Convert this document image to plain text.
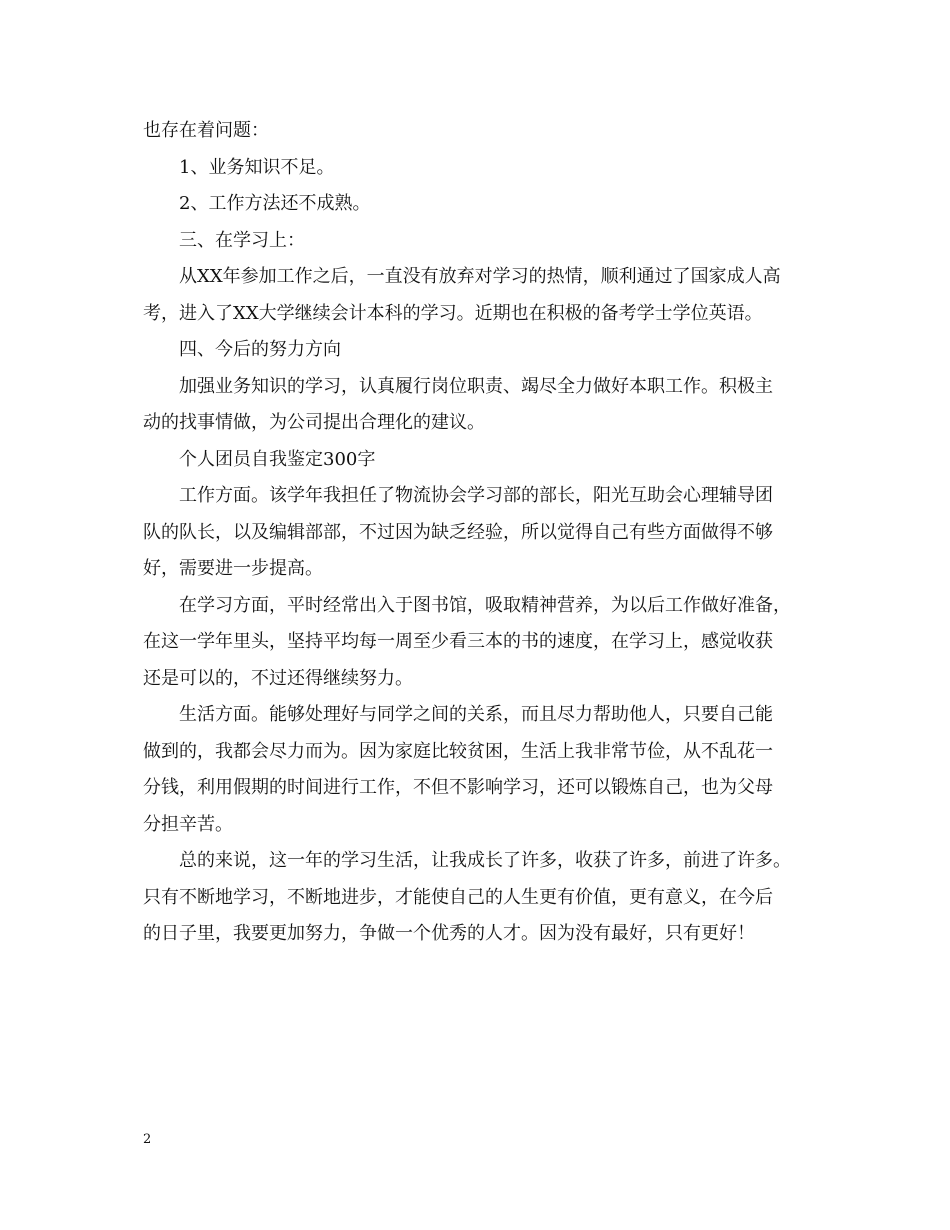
也存在着问题：
1、业务知识不足。
2、工作方法还不成熟。
三、在学习上：
从XX年参加工作之后，一直没有放弃对学习的热情，顺利通过了国家成人高
考，进入了XX大学继续会计本科的学习。近期也在积极的备考学士学位英语。
四、今后的努力方向
加强业务知识的学习，认真履行岗位职责、竭尽全力做好本职工作。积极主
动的找事情做，为公司提出合理化的建议。
个人团员自我鉴定300字
工作方面。该学年我担任了物流协会学习部的部长，阳光互助会心理辅导团
队的队长，以及编辑部部，不过因为缺乏经验，所以觉得自己有些方面做得不够
好，需要进一步提高。
在学习方面，平时经常出入于图书馆，吸取精神营养，为以后工作做好准备，
在这一学年里头，坚持平均每一周至少看三本的书的速度，在学习上，感觉收获
还是可以的，不过还得继续努力。
生活方面。能够处理好与同学之间的关系，而且尽力帮助他人，只要自己能
做到的，我都会尽力而为。因为家庭比较贫困，生活上我非常节俭，从不乱花一
分钱，利用假期的时间进行工作，不但不影响学习，还可以锻炼自己，也为父母
分担辛苦。
总的来说，这一年的学习生活，让我成长了许多，收获了许多，前进了许多。
只有不断地学习，不断地进步，才能使自己的人生更有价值，更有意义，在今后
的日子里，我要更加努力，争做一个优秀的人才。因为没有最好，只有更好！
2
